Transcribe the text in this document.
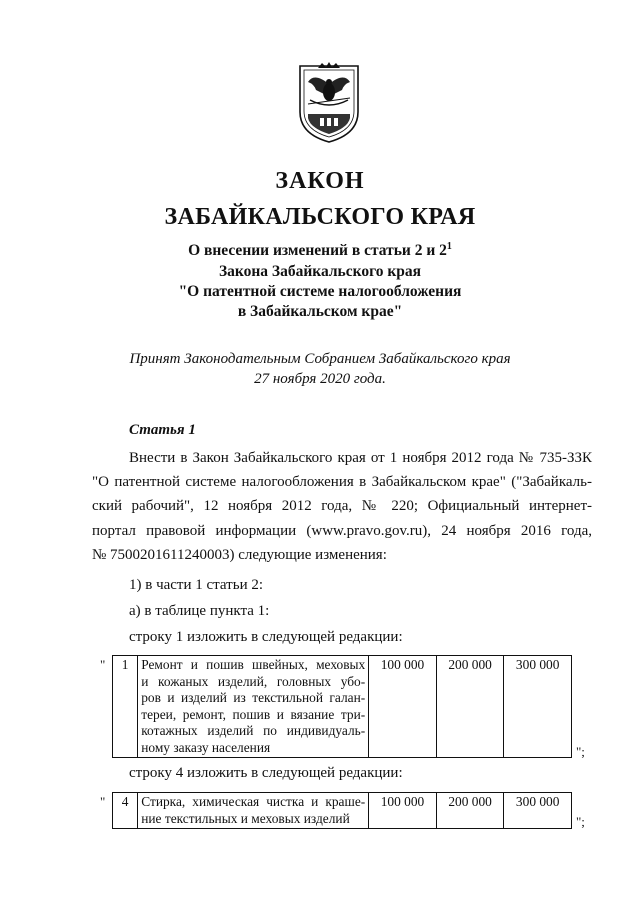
ЗАКОН
ЗАБАЙКАЛЬСКОГО КРАЯ
О внесении изменений в статьи 2 и $2^1$
Закона Забайкальского края
"О патентной системе налогообложения
в Забайкальском крае"
Принят Законодательным Собранием Забайкальского края
27 ноября 2020 года.
Статья 1
Внести в Закон Забайкальского края от 1 ноября 2012 года № 735-ЗЗК
"О патентной системе налогообложения в Забайкальском крае" ("Забайкаль-
ский рабочий", 12 ноября 2012 года, № 220; Официальный интернет-
портал правовой информации (www.pravo.gov.ru), 24 ноября 2016 года,
№ 7500201611240003) следующие изменения:
1) в части 1 статьи 2:
а) в таблице пункта 1:
строку 1 изложить в следующей редакции:
" 1	Ремонт и пошив швейных, меховых
и кожаных изделий, головных убо-
ров и изделий из текстильной галан-
тереи, ремонт, пошив и вязание три-
котажных изделий по индивидуаль-
ному заказу населения
	100 000	200 000	300 000
";
строку 4 изложить в следующей редакции:
" 4	Стирка, химическая чистка и краше-
ние текстильных и меховых изделий
	100 000	200 000	300 000
";
